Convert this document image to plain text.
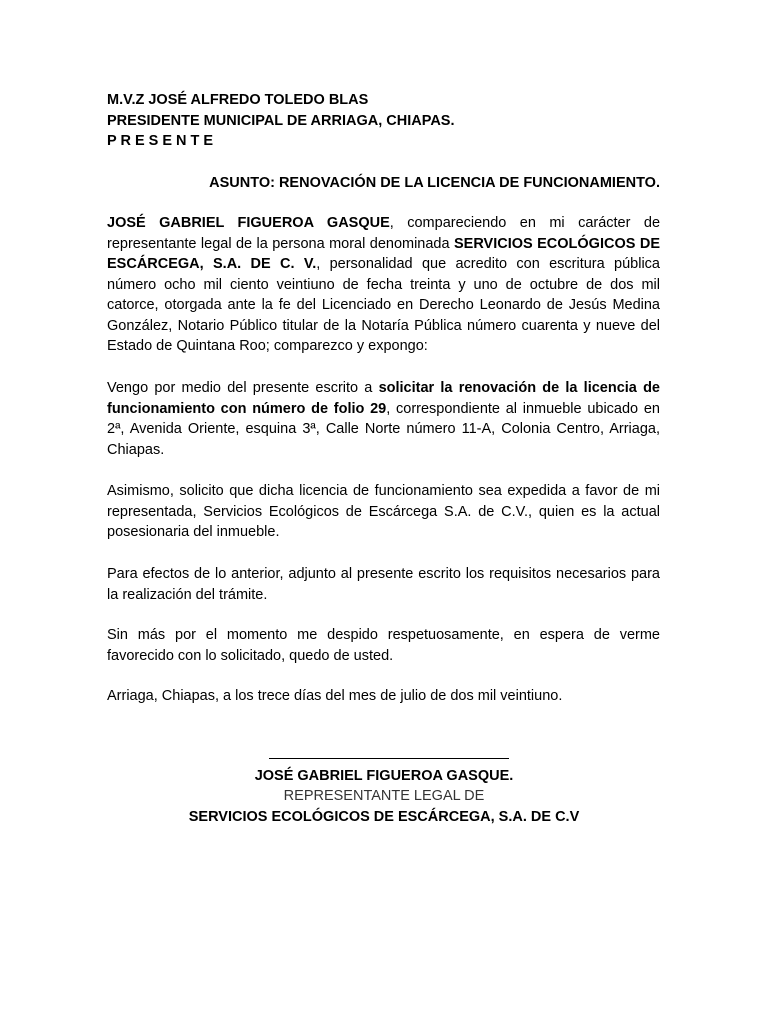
M.V.Z JOSÉ ALFREDO TOLEDO BLAS
PRESIDENTE MUNICIPAL DE ARRIAGA, CHIAPAS.
P R E S E N T E
ASUNTO: RENOVACIÓN DE LA LICENCIA DE FUNCIONAMIENTO.

JOSÉ GABRIEL FIGUEROA GASQUE, compareciendo en mi carácter de representante legal de la persona moral denominada SERVICIOS ECOLÓGICOS DE ESCÁRCEGA, S.A. DE C. V., personalidad que acredito con escritura pública número ocho mil ciento veintiuno de fecha treinta y uno de octubre de dos mil catorce, otorgada ante la fe del Licenciado en Derecho Leonardo de Jesús Medina González, Notario Público titular de la Notaría Pública número cuarenta y nueve del Estado de Quintana Roo; comparezco y expongo:

Vengo por medio del presente escrito a solicitar la renovación de la licencia de funcionamiento con número de folio 29, correspondiente al inmueble ubicado en 2ª, Avenida Oriente, esquina 3ª, Calle Norte número 11-A, Colonia Centro, Arriaga, Chiapas.

Asimismo, solicito que dicha licencia de funcionamiento sea expedida a favor de mi representada, Servicios Ecológicos de Escárcega S.A. de C.V., quien es la actual posesionaria del inmueble.

Para efectos de lo anterior, adjunto al presente escrito los requisitos necesarios para la realización del trámite.

Sin más por el momento me despido respetuosamente, en espera de verme favorecido con lo solicitado, quedo de usted.

Arriaga, Chiapas, a los trece días del mes de julio de dos mil veintiuno.

JOSÉ GABRIEL FIGUEROA GASQUE.
REPRESENTANTE LEGAL DE
SERVICIOS ECOLÓGICOS DE ESCÁRCEGA, S.A. DE C.V
